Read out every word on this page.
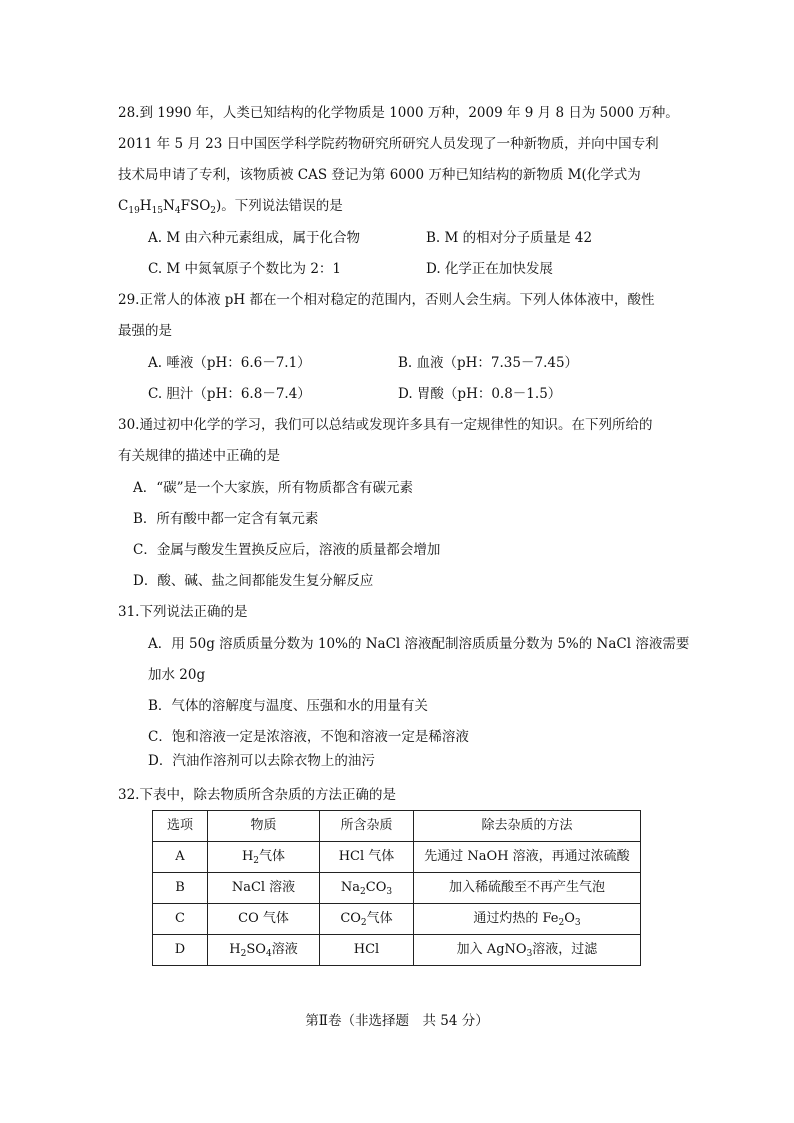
28.到 1990 年，人类已知结构的化学物质是 1000 万种，2009 年 9 月 8 日为 5000 万种。
2011 年 5 月 23 日中国医学科学院药物研究所研究人员发现了一种新物质，并向中国专利
技术局申请了专利，该物质被 CAS 登记为第 6000 万种已知结构的新物质 M(化学式为
$C_{19}H_{15}N_4FSO_2$)。下列说法错误的是
A. M 由六种元素组成，属于化合物	B. M 的相对分子质量是 42
C. M 中氮氧原子个数比为 2：1	D. 化学正在加快发展
29.正常人的体液 pH 都在一个相对稳定的范围内，否则人会生病。下列人体体液中，酸性
最强的是
A. 唾液（pH：6.6－7.1）	B. 血液（pH：7.35－7.45）
C. 胆汁（pH：6.8－7.4）	D. 胃酸（pH：0.8－1.5）
30.通过初中化学的学习，我们可以总结或发现许多具有一定规律性的知识。在下列所给的
有关规律的描述中正确的是
A．“碳”是一个大家族，所有物质都含有碳元素
B．所有酸中都一定含有氧元素
C．金属与酸发生置换反应后，溶液的质量都会增加
D．酸、碱、盐之间都能发生复分解反应
31.下列说法正确的是
A．用 50g 溶质质量分数为 10%的 NaCl 溶液配制溶质质量分数为 5%的 NaCl 溶液需要
加水 20g
B．气体的溶解度与温度、压强和水的用量有关
C．饱和溶液一定是浓溶液，不饱和溶液一定是稀溶液
D．汽油作溶剂可以去除衣物上的油污
32.下表中，除去物质所含杂质的方法正确的是
选项	物质	所含杂质	除去杂质的方法
A	$H_2$气体	HCl 气体	先通过 NaOH 溶液，再通过浓硫酸
B	NaCl 溶液	$Na_2CO_3$	加入稀硫酸至不再产生气泡
C	CO 气体	$CO_2$气体	通过灼热的 $Fe_2O_3$
D	$H_2SO_4$溶液	HCl	加入 AgNO$_3$溶液，过滤
第Ⅱ卷（非选择题　共 54 分）
